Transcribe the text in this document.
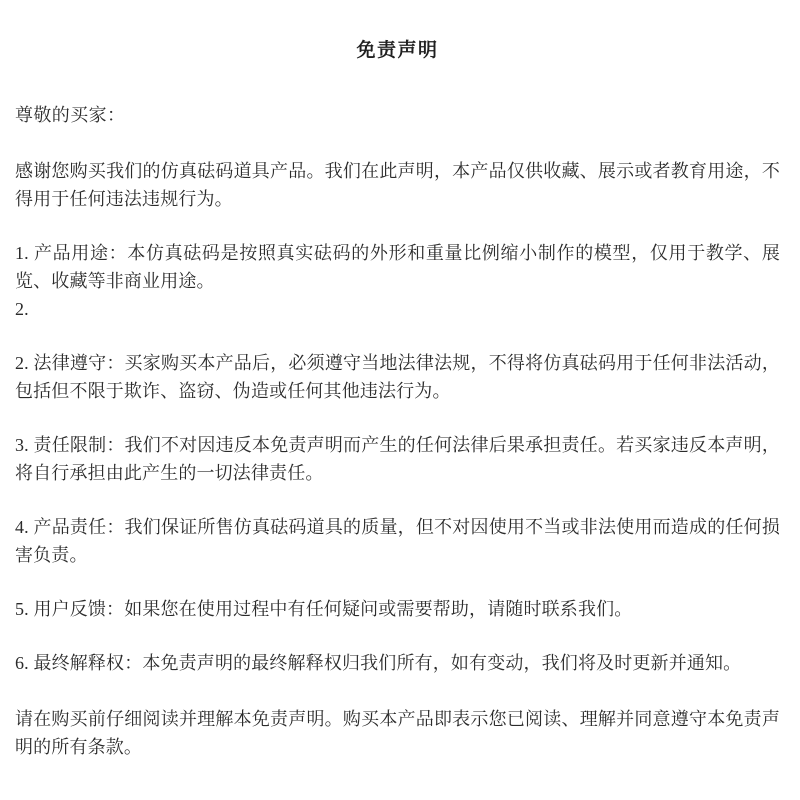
免责声明

尊敬的买家：

感谢您购买我们的仿真砝码道具产品。我们在此声明，本产品仅供收藏、展示或者教育用途，不得用于任何违法违规行为。

1. 产品用途：本仿真砝码是按照真实砝码的外形和重量比例缩小制作的模型，仅用于教学、展览、收藏等非商业用途。

2.

2. 法律遵守：买家购买本产品后，必须遵守当地法律法规，不得将仿真砝码用于任何非法活动，包括但不限于欺诈、盗窃、伪造或任何其他违法行为。

3. 责任限制：我们不对因违反本免责声明而产生的任何法律后果承担责任。若买家违反本声明，将自行承担由此产生的一切法律责任。

4. 产品责任：我们保证所售仿真砝码道具的质量，但不对因使用不当或非法使用而造成的任何损害负责。

5. 用户反馈：如果您在使用过程中有任何疑问或需要帮助，请随时联系我们。

6. 最终解释权：本免责声明的最终解释权归我们所有，如有变动，我们将及时更新并通知。

请在购买前仔细阅读并理解本免责声明。购买本产品即表示您已阅读、理解并同意遵守本免责声明的所有条款。
